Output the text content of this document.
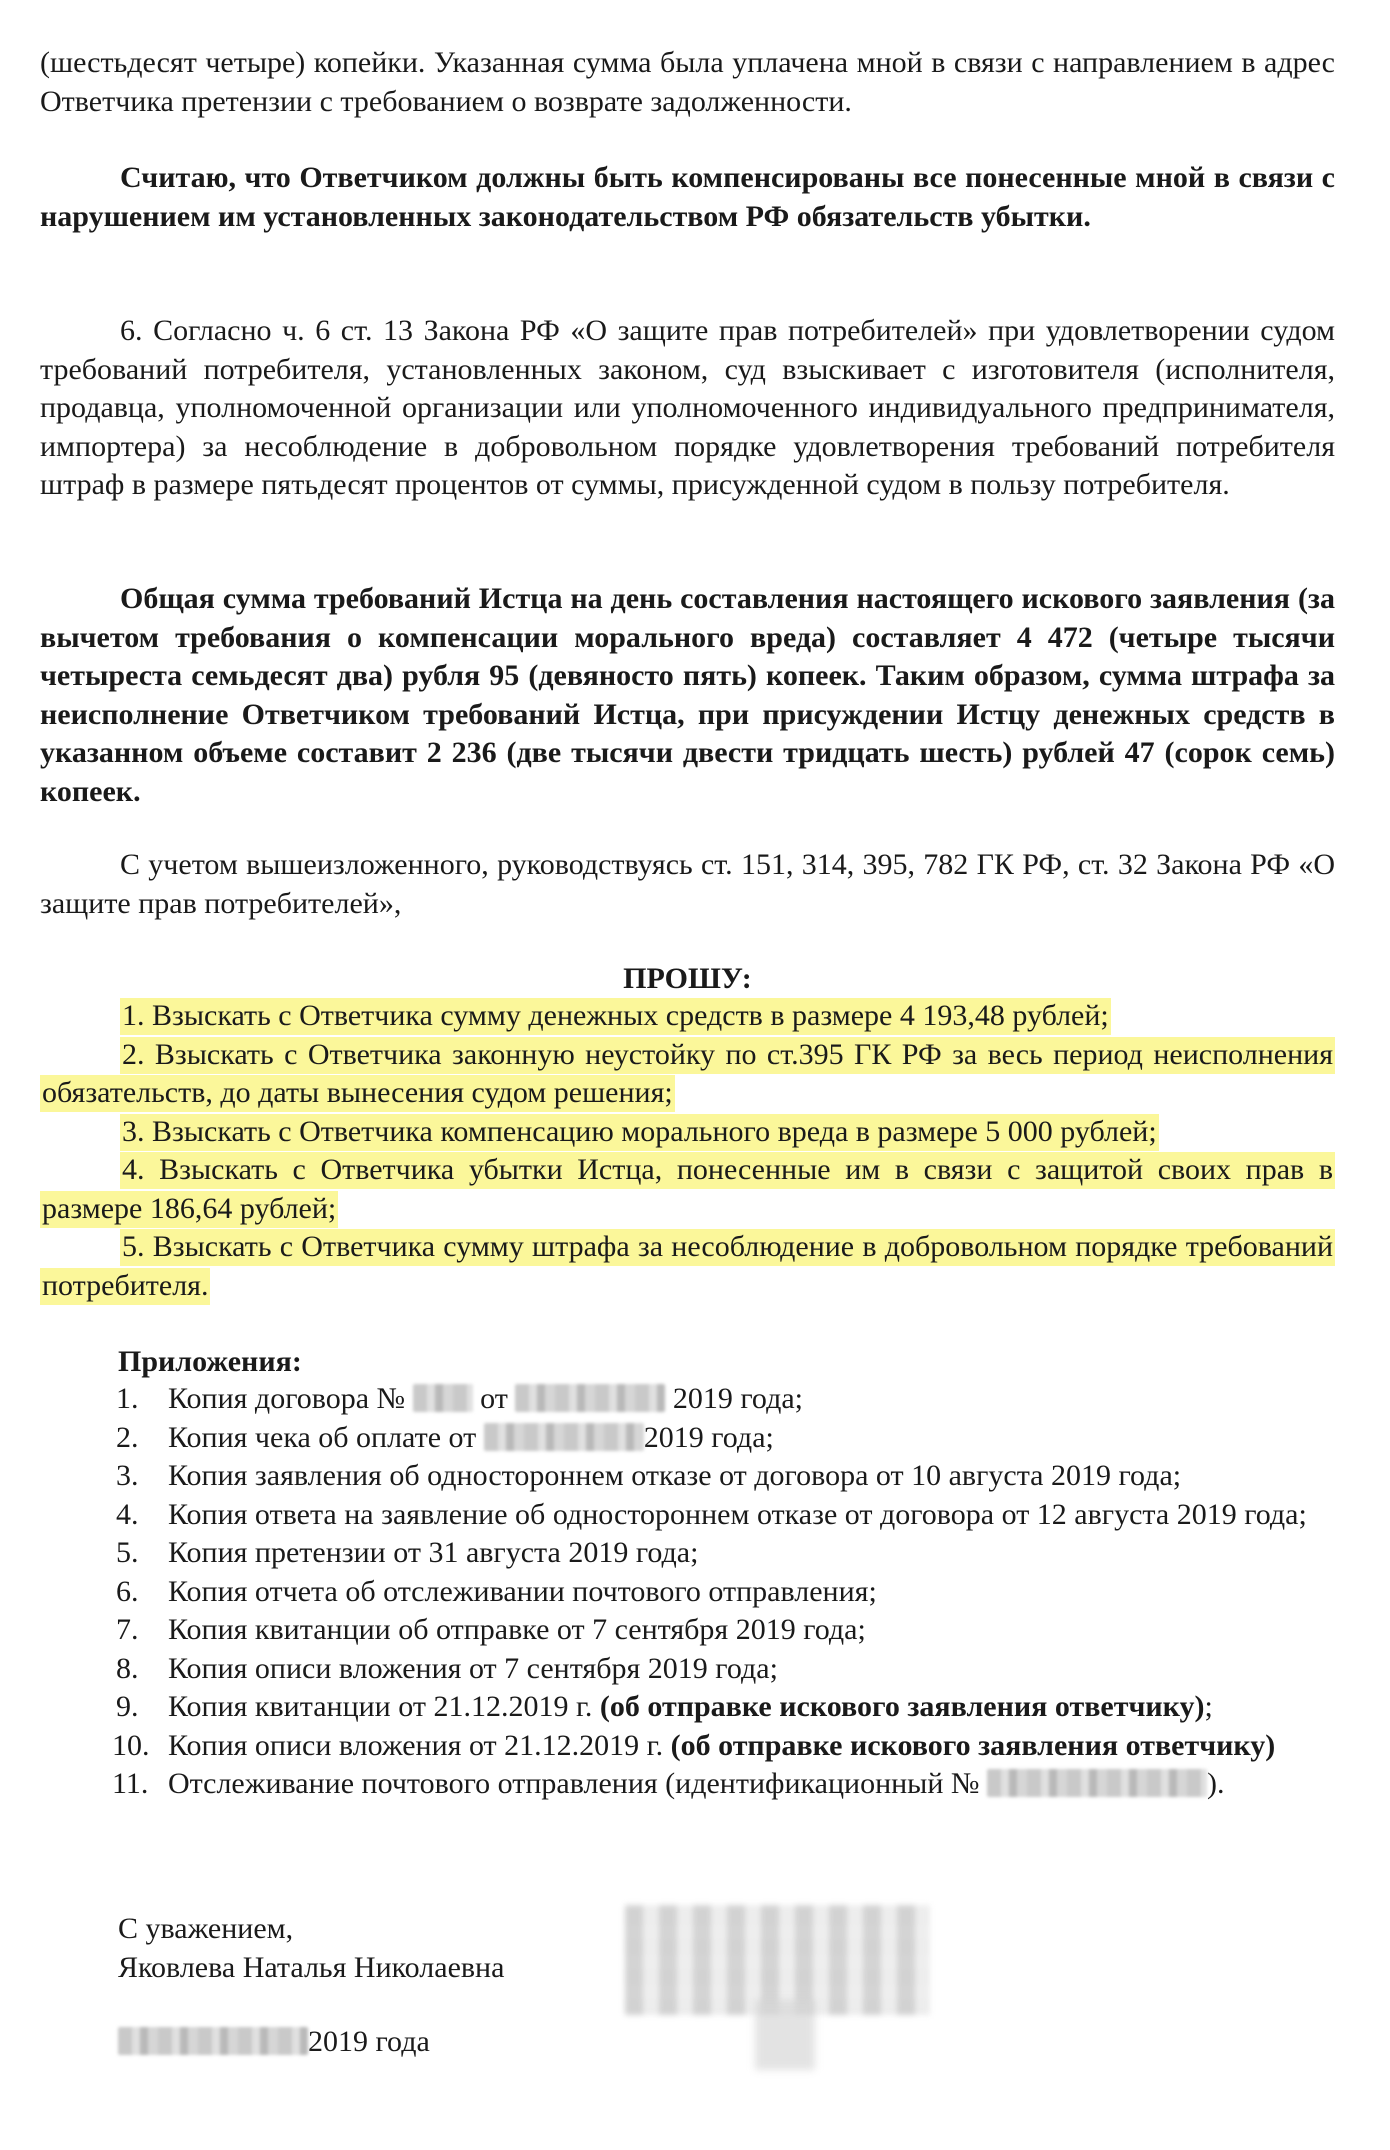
(шестьдесят четыре) копейки. Указанная сумма была уплачена мной в связи с направлением в адрес Ответчика претензии с требованием о возврате задолженности.

Считаю, что Ответчиком должны быть компенсированы все понесенные мной в связи с нарушением им установленных законодательством РФ обязательств убытки.

6. Согласно ч. 6 ст. 13 Закона РФ «О защите прав потребителей» при удовлетворении судом требований потребителя, установленных законом, суд взыскивает с изготовителя (исполнителя, продавца, уполномоченной организации или уполномоченного индивидуального предпринимателя, импортера) за несоблюдение в добровольном порядке удовлетворения требований потребителя штраф в размере пятьдесят процентов от суммы, присужденной судом в пользу потребителя.

Общая сумма требований Истца на день составления настоящего искового заявления (за вычетом требования о компенсации морального вреда) составляет 4 472 (четыре тысячи четыреста семьдесят два) рубля 95 (девяносто пять) копеек. Таким образом, сумма штрафа за неисполнение Ответчиком требований Истца, при присуждении Истцу денежных средств в указанном объеме составит 2 236 (две тысячи двести тридцать шесть) рублей 47 (сорок семь) копеек.

С учетом вышеизложенного, руководствуясь ст. 151, 314, 395, 782 ГК РФ, ст. 32 Закона РФ «О защите прав потребителей»,

ПРОШУ:

1. Взыскать с Ответчика сумму денежных средств в размере 4 193,48 рублей;
2. Взыскать с Ответчика законную неустойку по ст.395 ГК РФ за весь период неисполнения обязательств, до даты вынесения судом решения;
3. Взыскать с Ответчика компенсацию морального вреда в размере 5 000 рублей;
4. Взыскать с Ответчика убытки Истца, понесенные им в связи с защитой своих прав в размере 186,64 рублей;
5. Взыскать с Ответчика сумму штрафа за несоблюдение в добровольном порядке требований потребителя.

Приложения:

1. Копия договора №	от	2019 года;
2. Копия чека об оплате от	2019 года;
3. Копия заявления об одностороннем отказе от договора от 10 августа 2019 года;
4. Копия ответа на заявление об одностороннем отказе от договора от 12 августа 2019 года;
5. Копия претензии от 31 августа 2019 года;
6. Копия отчета об отслеживании почтового отправления;
7. Копия квитанции об отправке от 7 сентября 2019 года;
8. Копия описи вложения от 7 сентября 2019 года;
9. Копия квитанции от 21.12.2019 г. (об отправке искового заявления ответчику);
10. Копия описи вложения от 21.12.2019 г. (об отправке искового заявления ответчику)
11. Отслеживание почтового отправления (идентификационный №	).
С уважением,
Яковлева Наталья Николаевна
2019 года
